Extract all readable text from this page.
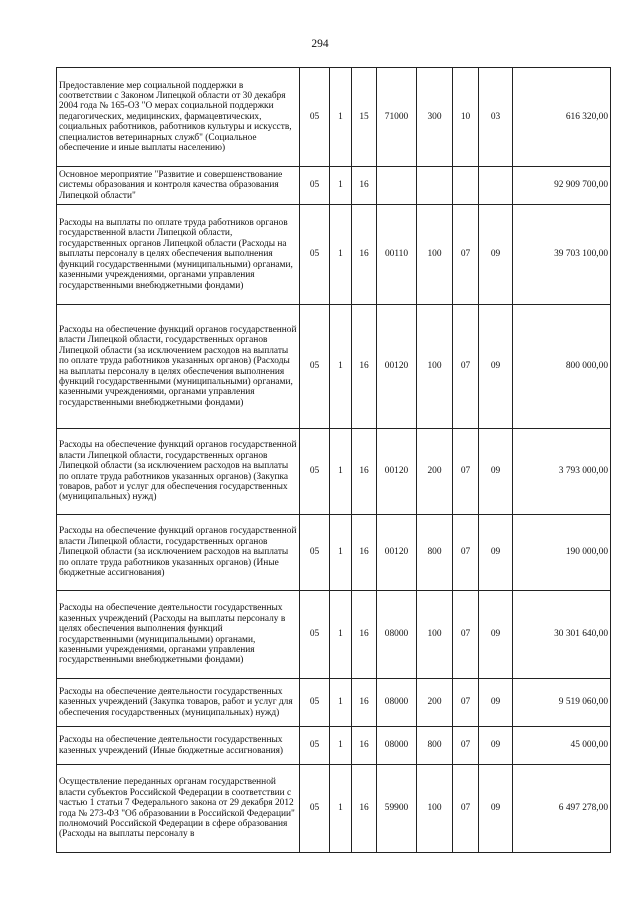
294
Предоставление мер социальной поддержки в соответствии с Законом Липецкой области от 30 декабря 2004 года № 165-ОЗ "О мерах социальной поддержки педагогических, медицинских, фармацевтических, социальных работников, работников культуры и искусств, специалистов ветеринарных служб" (Социальное обеспечение и иные выплаты населению)	05	1	15	71000	300	10	03	616 320,00
Основное мероприятие "Развитие и совершенствование системы образования и контроля качества образования Липецкой области"	05	1	16					92 909 700,00
Расходы на выплаты по оплате труда работников органов государственной власти Липецкой области, государственных органов Липецкой области (Расходы на выплаты персоналу в целях обеспечения выполнения функций государственными (муниципальными) органами, казенными учреждениями, органами управления государственными внебюджетными фондами)	05	1	16	00110	100	07	09	39 703 100,00
Расходы на обеспечение функций органов государственной власти Липецкой области, государственных органов Липецкой области (за исключением расходов на выплаты по оплате труда работников указанных органов) (Расходы на выплаты персоналу в целях обеспечения выполнения функций государственными (муниципальными) органами, казенными учреждениями, органами управления государственными внебюджетными фондами)	05	1	16	00120	100	07	09	800 000,00
Расходы на обеспечение функций органов государственной власти Липецкой области, государственных органов Липецкой области (за исключением расходов на выплаты по оплате труда работников указанных органов) (Закупка товаров, работ и услуг для обеспечения государственных (муниципальных) нужд)	05	1	16	00120	200	07	09	3 793 000,00
Расходы на обеспечение функций органов государственной власти Липецкой области, государственных органов Липецкой области (за исключением расходов на выплаты по оплате труда работников указанных органов) (Иные бюджетные ассигнования)	05	1	16	00120	800	07	09	190 000,00
Расходы на обеспечение деятельности государственных казенных учреждений (Расходы на выплаты персоналу в целях обеспечения выполнения функций государственными (муниципальными) органами, казенными учреждениями, органами управления государственными внебюджетными фондами)	05	1	16	08000	100	07	09	30 301 640,00
Расходы на обеспечение деятельности государственных казенных учреждений (Закупка товаров, работ и услуг для обеспечения государственных (муниципальных) нужд)	05	1	16	08000	200	07	09	9 519 060,00
Расходы на обеспечение деятельности государственных казенных учреждений (Иные бюджетные ассигнования)	05	1	16	08000	800	07	09	45 000,00
Осуществление переданных органам государственной власти субъектов Российской Федерации в соответствии с частью 1 статьи 7 Федерального закона от 29 декабря 2012 года № 273-ФЗ "Об образовании в Российской Федерации" полномочий Российской Федерации в сфере образования (Расходы на выплаты персоналу в	05	1	16	59900	100	07	09	6 497 278,00
